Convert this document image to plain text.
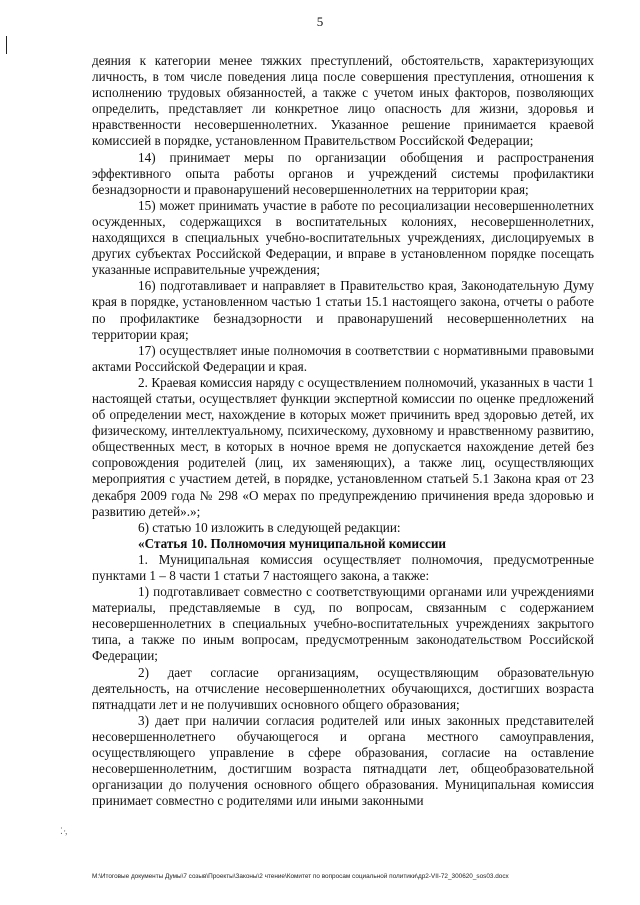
5
⁚ ·,

деяния к категории менее тяжких преступлений, обстоятельств, характеризующих личность, в том числе поведения лица после совершения преступления, отношения к исполнению трудовых обязанностей, а также с учетом иных факторов, позволяющих определить, представляет ли конкретное лицо опасность для жизни, здоровья и нравственности несовершеннолетних. Указанное решение принимается краевой комиссией в порядке, установленном Правительством Российской Федерации;

14) принимает меры по организации обобщения и распространения эффективного опыта работы органов и учреждений системы профилактики безнадзорности и правонарушений несовершеннолетних на территории края;

15) может принимать участие в работе по ресоциализации несовершеннолетних осужденных, содержащихся в воспитательных колониях, несовершеннолетних, находящихся в специальных учебно-воспитательных учреждениях, дислоцируемых в других субъектах Российской Федерации, и вправе в установленном порядке посещать указанные исправительные учреждения;

16) подготавливает и направляет в Правительство края, Законодательную Думу края в порядке, установленном частью 1 статьи 15.1 настоящего закона, отчеты о работе по профилактике безнадзорности и правонарушений несовершеннолетних на территории края;

17) осуществляет иные полномочия в соответствии с нормативными правовыми актами Российской Федерации и края.

2. Краевая комиссия наряду с осуществлением полномочий, указанных в части 1 настоящей статьи, осуществляет функции экспертной комиссии по оценке предложений об определении мест, нахождение в которых может причинить вред здоровью детей, их физическому, интеллектуальному, психическому, духовному и нравственному развитию, общественных мест, в которых в ночное время не допускается нахождение детей без сопровождения родителей (лиц, их заменяющих), а также лиц, осуществляющих мероприятия с участием детей, в порядке, установленном статьей 5.1 Закона края от 23 декабря 2009 года № 298 «О мерах по предупреждению причинения вреда здоровью и развитию детей».»;

6) статью 10 изложить в следующей редакции:

«Статья 10. Полномочия муниципальной комиссии

1. Муниципальная комиссия осуществляет полномочия, предусмотренные пунктами 1 – 8 части 1 статьи 7 настоящего закона, а также:

1) подготавливает совместно с соответствующими органами или учреждениями материалы, представляемые в суд, по вопросам, связанным с содержанием несовершеннолетних в специальных учебно-воспитательных учреждениях закрытого типа, а также по иным вопросам, предусмотренным законодательством Российской Федерации;

2) дает согласие организациям, осуществляющим образовательную деятельность, на отчисление несовершеннолетних обучающихся, достигших возраста пятнадцати лет и не получивших основного общего образования;

3) дает при наличии согласия родителей или иных законных представителей несовершеннолетнего обучающегося и органа местного самоуправления, осуществляющего управление в сфере образования, согласие на оставление несовершеннолетним, достигшим возраста пятнадцати лет, общеобразовательной организации до получения основного общего образования. Муниципальная комиссия принимает совместно с родителями или иными законными

M:\Итоговые документы Думы\7 созыв\Проекты\Законы\2 чтение\Комитет по вопросам социальной политики\др2-VII-72_300620_sos03.docx
